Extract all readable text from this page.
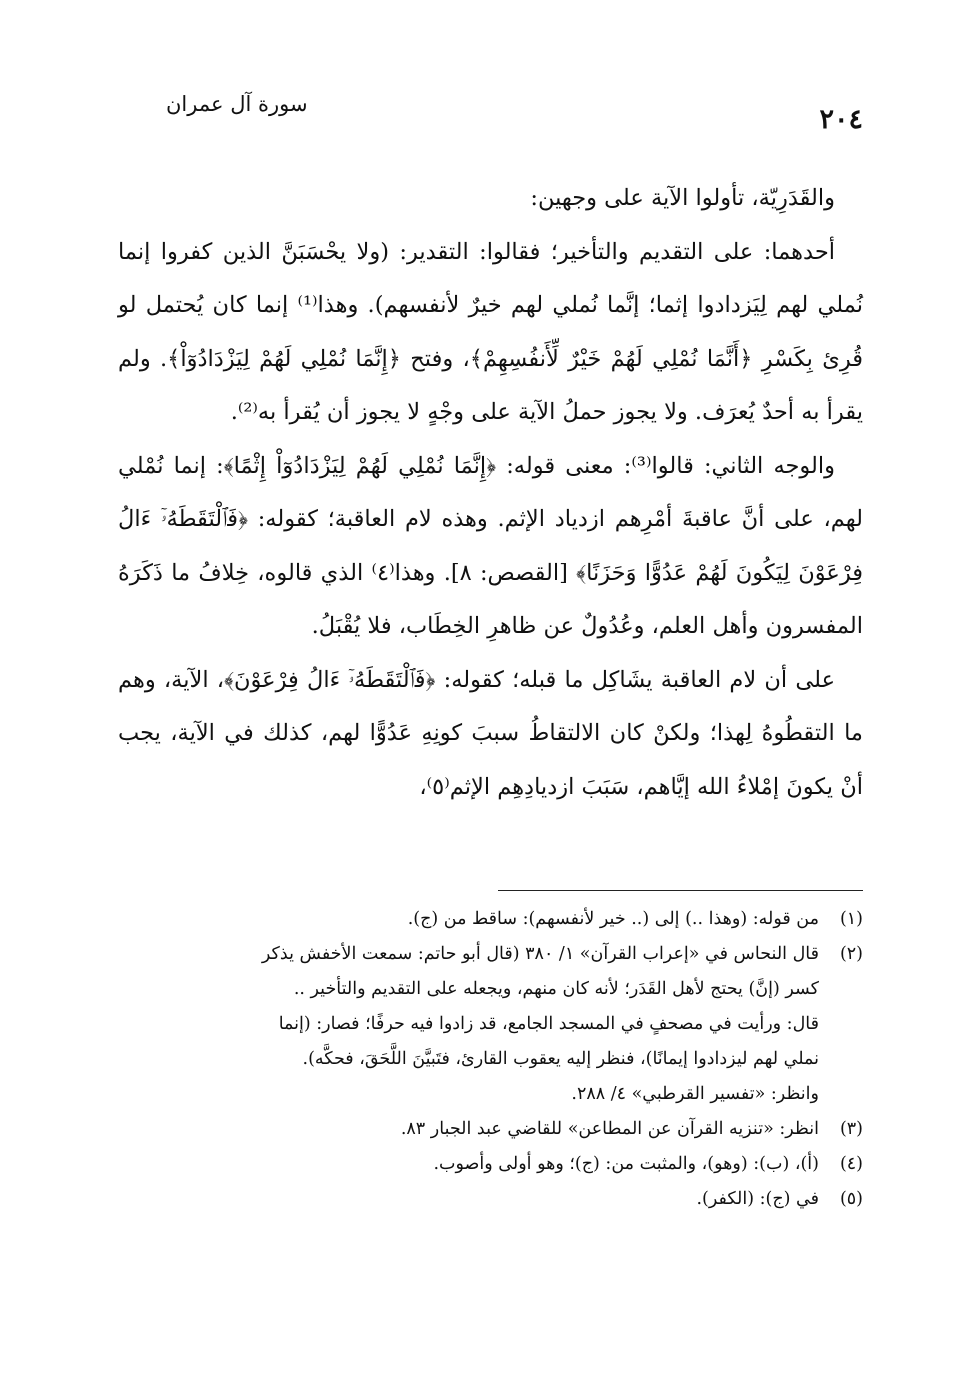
٢٠٤
سورة آل عمران

والقَدَرِيّة، تأولوا الآية على وجهين:

أحدهما: على التقديم والتأخير؛ فقالوا: التقدير: (ولا يحْسَبَنَّ الذين كفروا إنما نُملي لهم لِيَزدادوا إثما؛ إنَّما نُملي لهم خيرٌ لأنفسهم). وهذا⁽¹⁾ إنما كان يُحتمل لو قُرِئ بِكَسْرِ ﴿أَنَّمَا نُمْلِي لَهُمْ خَيْرٌ لِّأَنفُسِهِمْ﴾، وفتح ﴿إِنَّمَا نُمْلِي لَهُمْ لِيَزْدَادُوٓاْ﴾. ولم يقرأ به أحدٌ يُعرَف. ولا يجوز حملُ الآية على وجْهٍ لا يجوز أن يُقرأ به⁽²⁾.

والوجه الثاني: قالوا⁽³⁾: معنى قوله: ﴿إِنَّمَا نُمْلِي لَهُمْ لِيَزْدَادُوٓاْ إِثْمًا﴾: إنما نُمْلي لهم، على أنَّ عاقبةَ أمْرِهم ازدياد الإثم. وهذه لام العاقبة؛ كقوله: ﴿فَٱلْتَقَطَهُۥٓ ءَالُ فِرْعَوْنَ لِيَكُونَ لَهُمْ عَدُوًّا وَحَزَنًا﴾ [القصص: ٨]. وهذا⁽٤⁾ الذي قالوه، خِلافُ ما ذَكَرَهُ المفسرون وأهل العلم، وعُدُولٌ عن ظاهرِ الخِطَاب، فلا يُقْبَلُ.

على أن لام العاقبة يشَاكِل ما قبله؛ كقوله: ﴿فَٱلْتَقَطَهُۥٓ ءَالُ فِرْعَوْنَ﴾، الآية، وهم ما التقطُوهُ لِهذا؛ ولكنْ كان الالتقاطُ سببَ كونِهِ عَدُوًّا لهم، كذلك في الآية، يجب أنْ يكونَ إمْلاءُ الله إيَّاهم، سَبَبَ ازديادِهِم الإثم⁽٥⁾،

(١)
من قوله: (وهذا ..) إلى (.. خير لأنفسهم): ساقط من (ج).
(٢)
قال النحاس في «إعراب القرآن» ١/ ٣٨٠ (قال أبو حاتم: سمعت الأخفش يذكر
كسر (إنَّ) يحتج لأهل القَدَر؛ لأنه كان منهم، ويجعله على التقديم والتأخير ..
قال: ورأيت في مصحفٍ في المسجد الجامع، قد زادوا فيه حرفًا؛ فصار: (إنما
نملي لهم ليزدادوا إيمانًا)، فنظر إليه يعقوب القارئ، فتَبيَّنَ اللَّحَقَ، فحكَّه).
وانظر: «تفسير القرطبي» ٤/ ٢٨٨.
(٣)
انظر: «تنزيه القرآن عن المطاعن» للقاضي عبد الجبار ٨٣.
(٤)
(أ)، (ب): (وهو)، والمثبت من: (ج)؛ وهو أولى وأصوب.
(٥)
في (ج): (الكفر).
